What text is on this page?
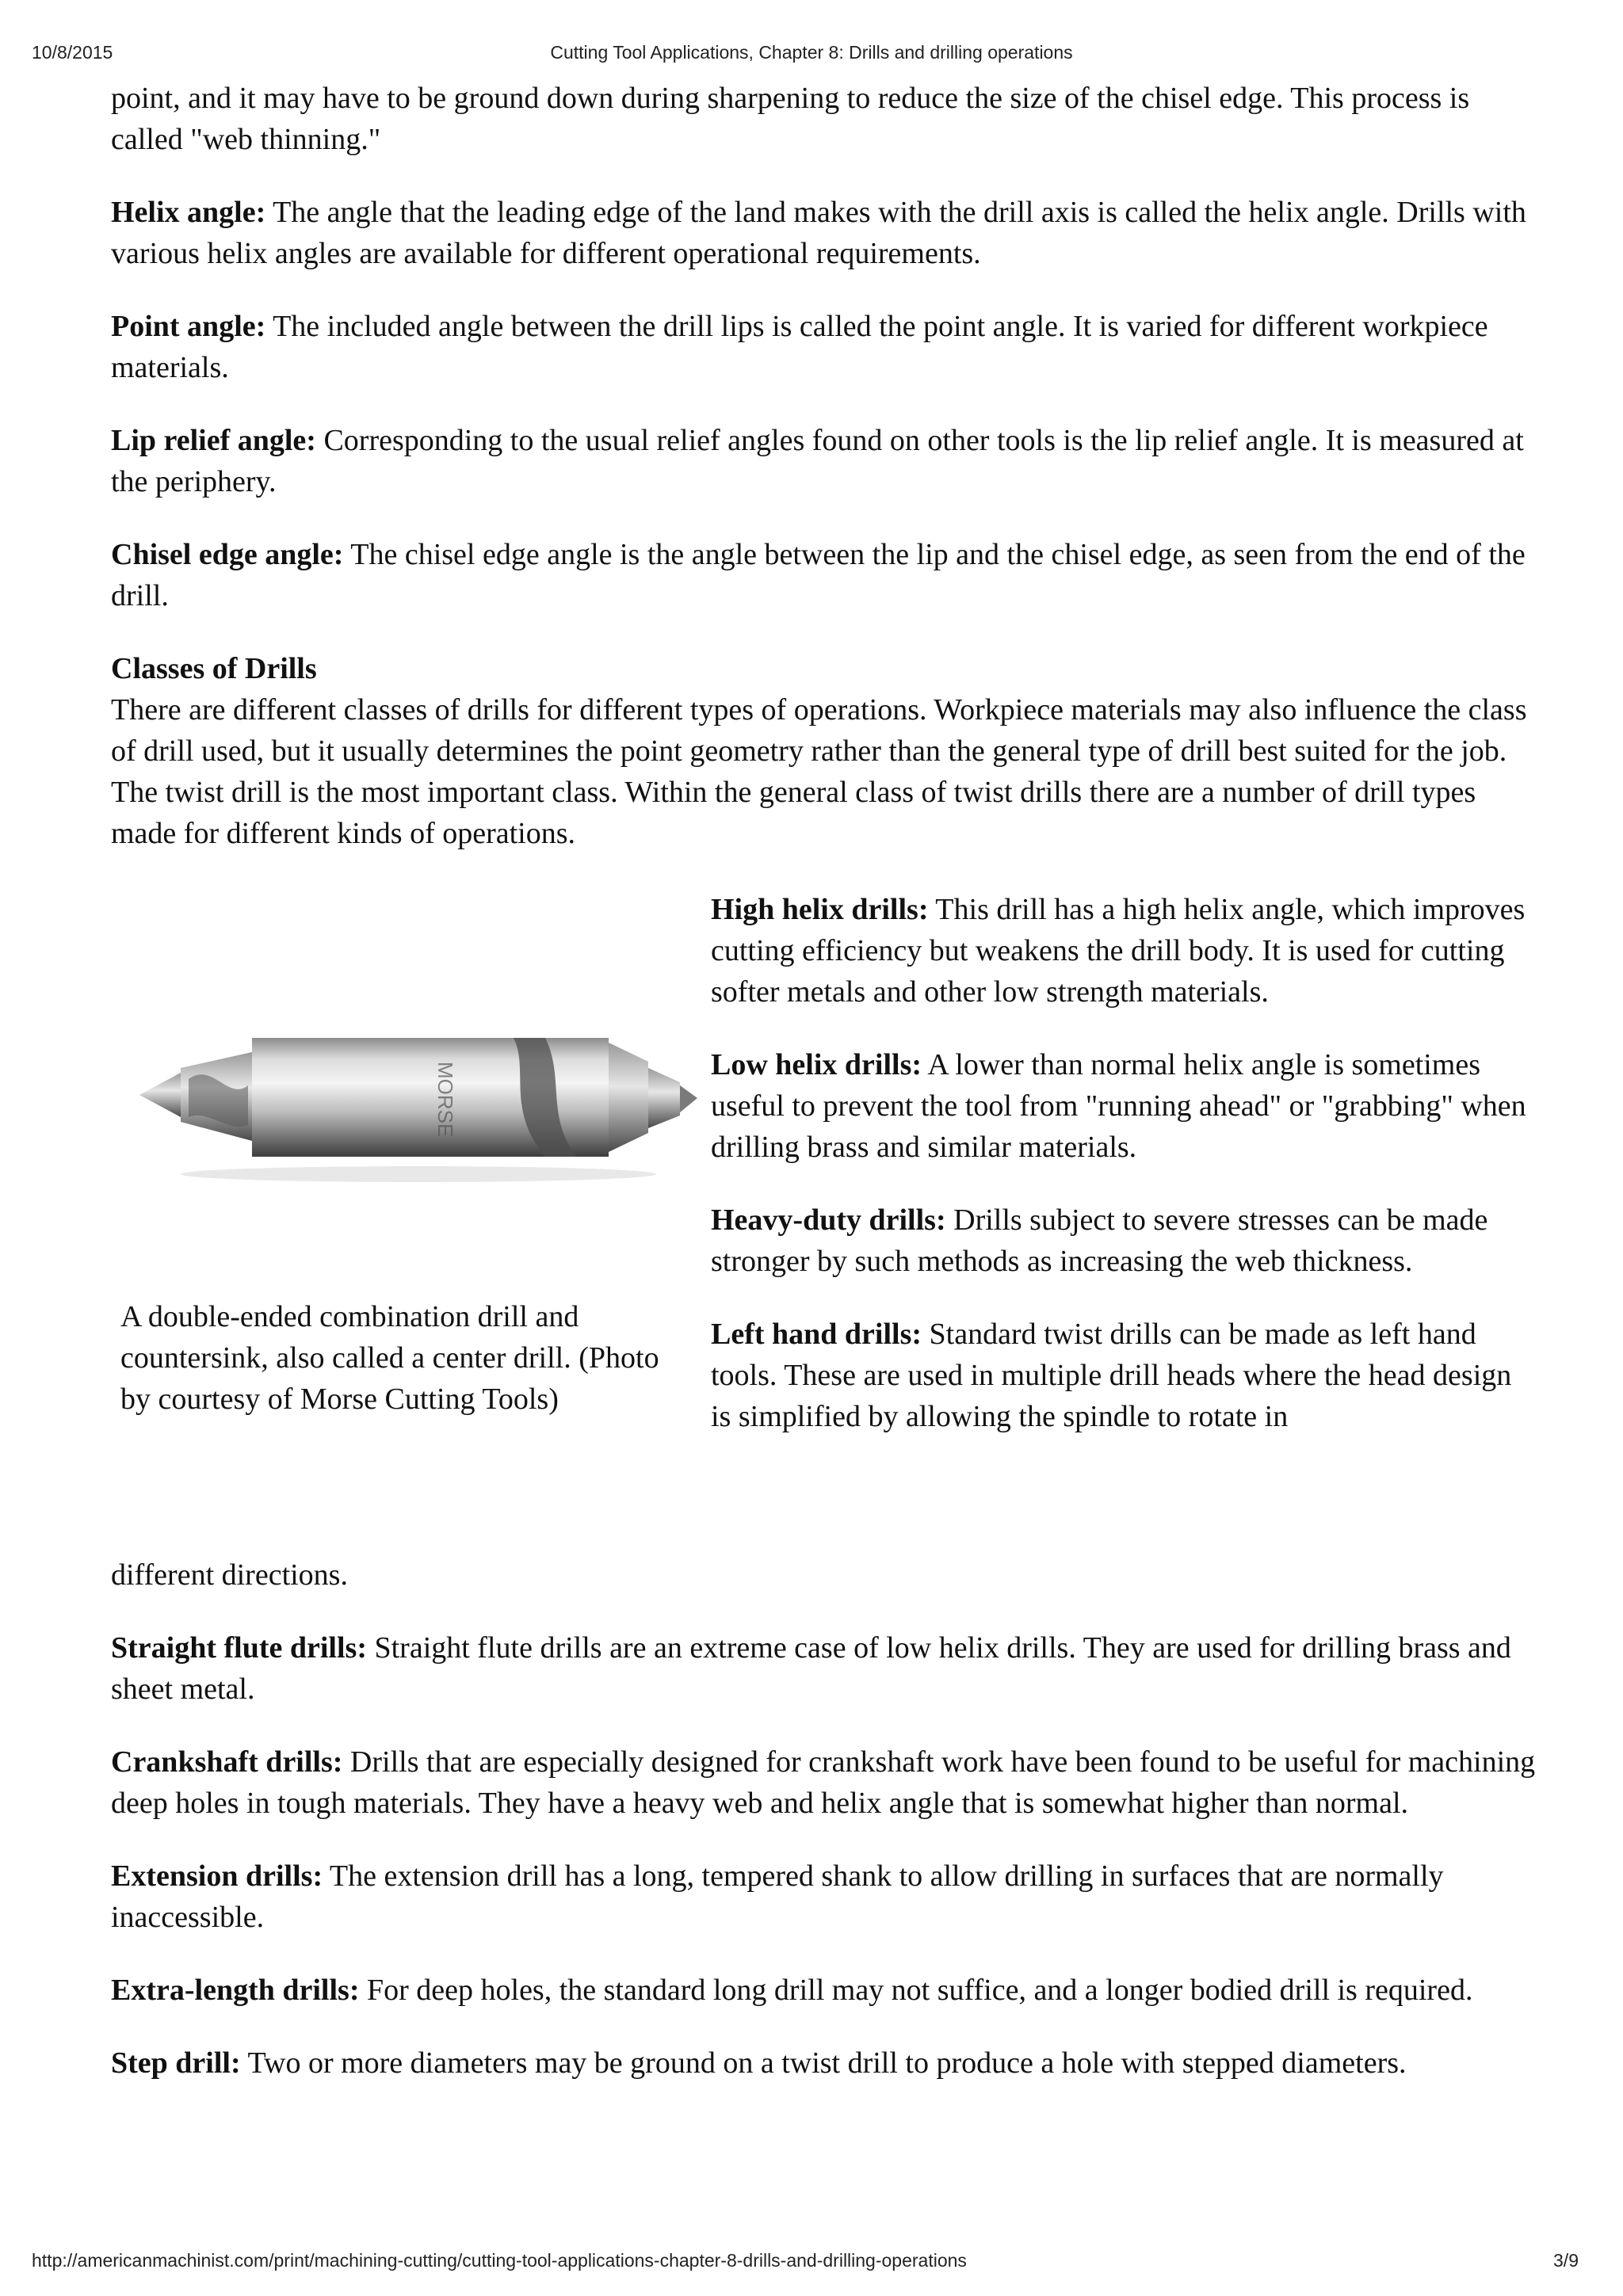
10/8/2015	Cutting Tool Applications, Chapter 8: Drills and drilling operations

point, and it may have to be ground down during sharpening to reduce the size of the chisel edge. This process is called "web thinning."

Helix angle: The angle that the leading edge of the land makes with the drill axis is called the helix angle. Drills with various helix angles are available for different operational requirements.

Point angle: The included angle between the drill lips is called the point angle. It is varied for different workpiece materials.

Lip relief angle: Corresponding to the usual relief angles found on other tools is the lip relief angle. It is measured at the periphery.

Chisel edge angle: The chisel edge angle is the angle between the lip and the chisel edge, as seen from the end of the drill.

Classes of Drills

There are different classes of drills for different types of operations. Workpiece materials may also influence the class of drill used, but it usually determines the point geometry rather than the general type of drill best suited for the job. The twist drill is the most important class. Within the general class of twist drills there are a number of drill types made for different kinds of operations.

MORSE

A double-ended combination drill and countersink, also called a center drill. (Photo by courtesy of Morse Cutting Tools)

High helix drills: This drill has a high helix angle, which improves cutting efficiency but weakens the drill body. It is used for cutting softer metals and other low strength materials.

Low helix drills: A lower than normal helix angle is sometimes useful to prevent the tool from "running ahead" or "grabbing" when drilling brass and similar materials.

Heavy-duty drills: Drills subject to severe stresses can be made stronger by such methods as increasing the web thickness.

Left hand drills: Standard twist drills can be made as left hand tools. These are used in multiple drill heads where the head design is simplified by allowing the spindle to rotate in

different directions.

Straight flute drills: Straight flute drills are an extreme case of low helix drills. They are used for drilling brass and sheet metal.

Crankshaft drills: Drills that are especially designed for crankshaft work have been found to be useful for machining deep holes in tough materials. They have a heavy web and helix angle that is somewhat higher than normal.

Extension drills: The extension drill has a long, tempered shank to allow drilling in surfaces that are normally inaccessible.

Extra-length drills: For deep holes, the standard long drill may not suffice, and a longer bodied drill is required.

Step drill: Two or more diameters may be ground on a twist drill to produce a hole with stepped diameters.

http://americanmachinist.com/print/machining-cutting/cutting-tool-applications-chapter-8-drills-and-drilling-operations	3/9
